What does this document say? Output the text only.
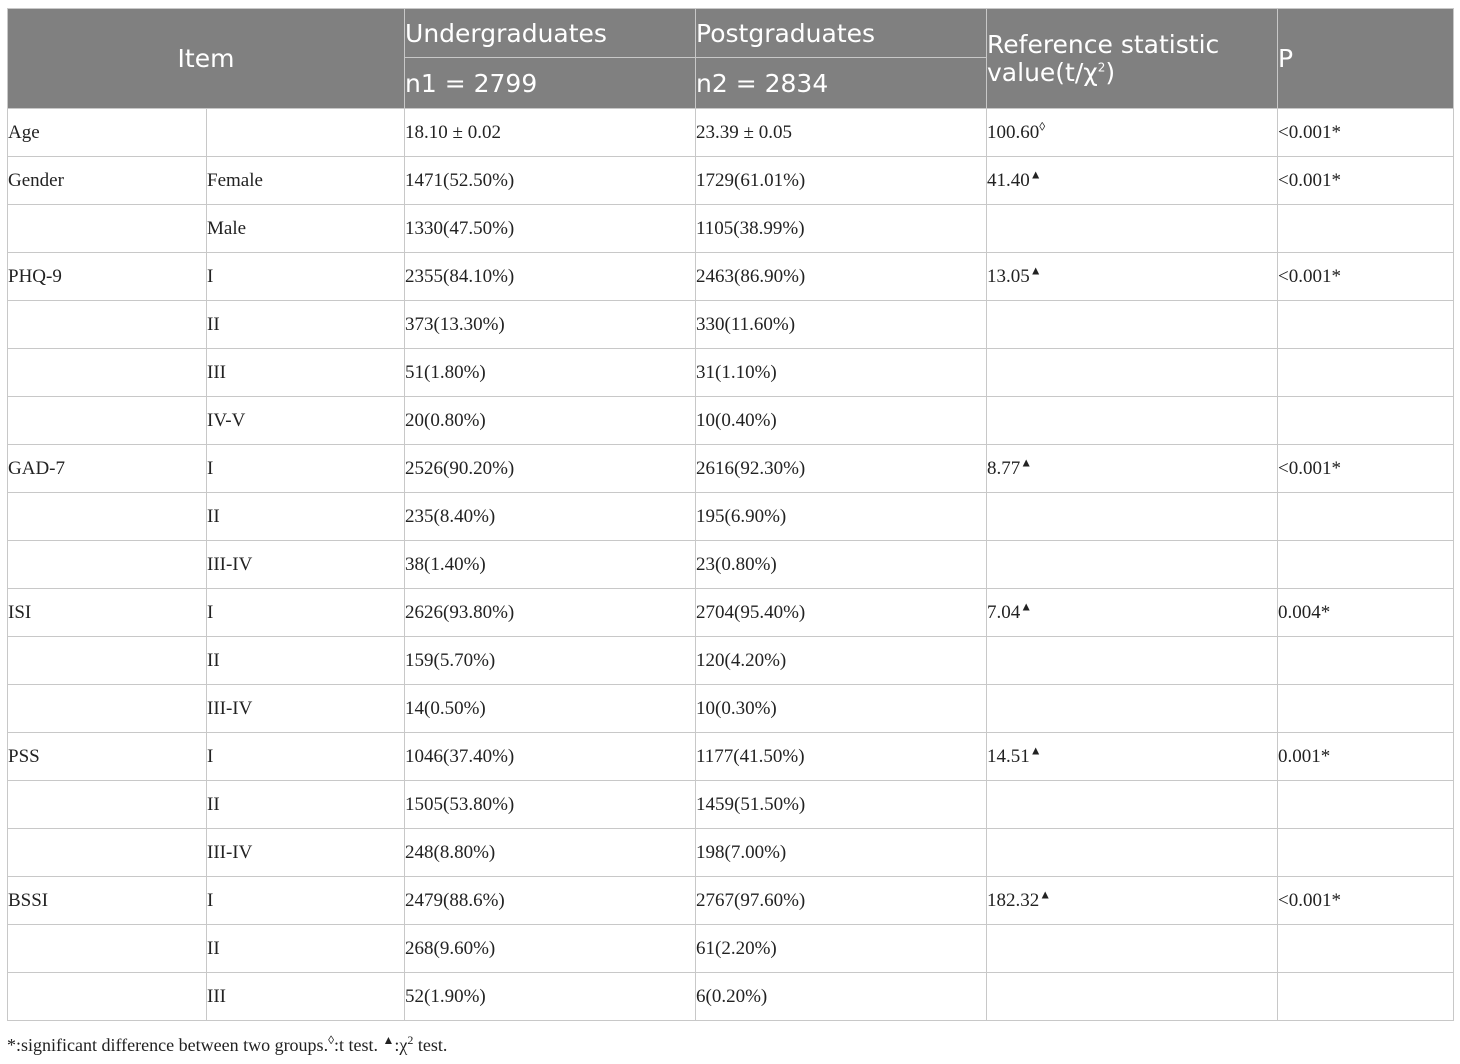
Item		Undergraduates	Postgraduates	Reference statistic $value(t/\chi^2)$	P
		n1 = 2799	n2 = 2834		
Age		18.10 ± 0.02	23.39 ± 0.05	100.60◊	<0.001*
Gender	Female	1471(52.50%)	1729(61.01%)	41.40▲	<0.001*
	Male	1330(47.50%)	1105(38.99%)		
PHQ-9	I	2355(84.10%)	2463(86.90%)	13.05▲	<0.001*
	II	373(13.30%)	330(11.60%)		
	III	51(1.80%)	31(1.10%)		
	IV-V	20(0.80%)	10(0.40%)		
GAD-7	I	2526(90.20%)	2616(92.30%)	8.77▲	<0.001*
	II	235(8.40%)	195(6.90%)		
	III-IV	38(1.40%)	23(0.80%)		
ISI	I	2626(93.80%)	2704(95.40%)	7.04▲	0.004*
	II	159(5.70%)	120(4.20%)		
	III-IV	14(0.50%)	10(0.30%)		
PSS	I	1046(37.40%)	1177(41.50%)	14.51▲	0.001*
	II	1505(53.80%)	1459(51.50%)		
	III-IV	248(8.80%)	198(7.00%)		
BSSI	I	2479(88.6%)	2767(97.60%)	182.32▲	<0.001*
	II	268(9.60%)	61(2.20%)		
	III	52(1.90%)	6(0.20%)		
*:significant difference between two groups.◊:t test. $^▲:\chi^2$ test.
